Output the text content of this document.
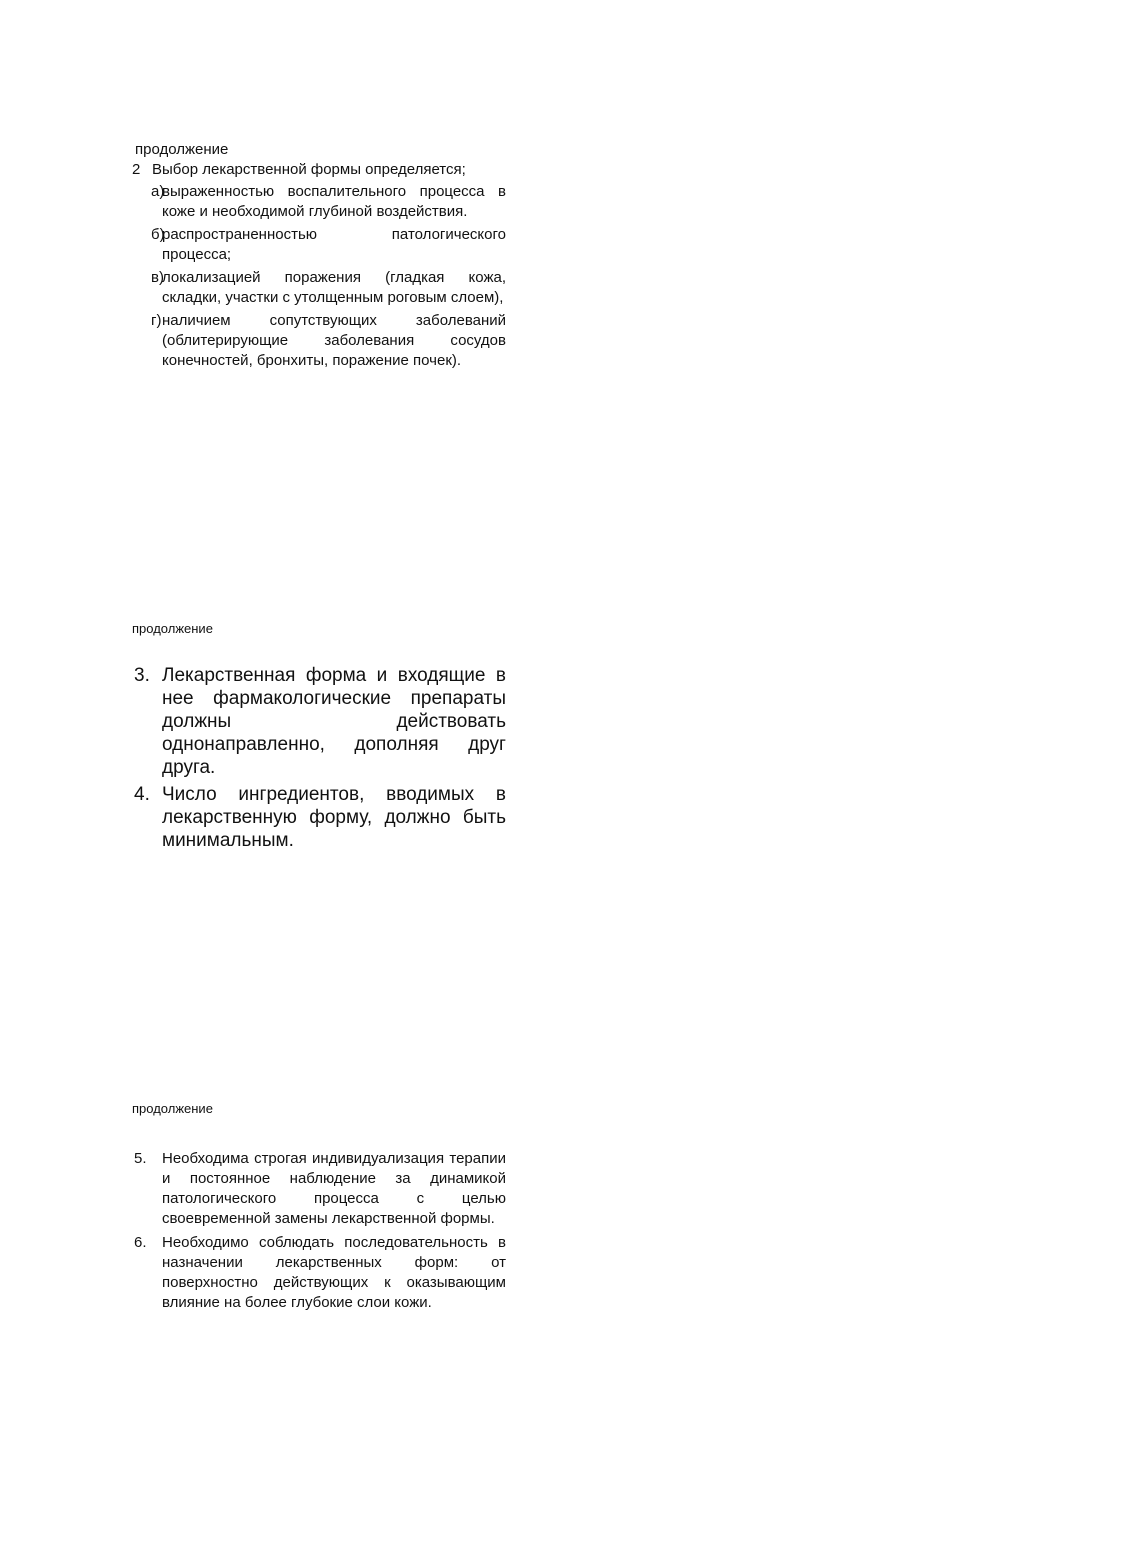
продолжение
2 Выбор лекарственной формы определяется;
а)
выраженностью воспалительного процесса в коже и необходимой глубиной воздействия.
б)
распространенностью патологического процесса;
в)
локализацией поражения (гладкая кожа, складки, участки с утолщенным роговым слоем),
г) наличием сопутствующих заболеваний (облитерирующие заболевания сосудов конечностей, бронхиты, поражение почек).
продолжение
3. Лекарственная форма и входящие в нее фармакологические препараты должны действовать однонаправленно, дополняя друг друга.
4. Число ингредиентов, вводимых в лекарственную форму, должно быть минимальным.
продолжение
5. Необходима строгая индивидуализация терапии и постоянное наблюдение за динамикой патологического процесса с целью своевременной замены лекарственной формы.
6. Необходимо соблюдать последовательность в назначении лекарственных форм: от поверхностно действующих к оказывающим влияние на более глубокие слои кожи.
